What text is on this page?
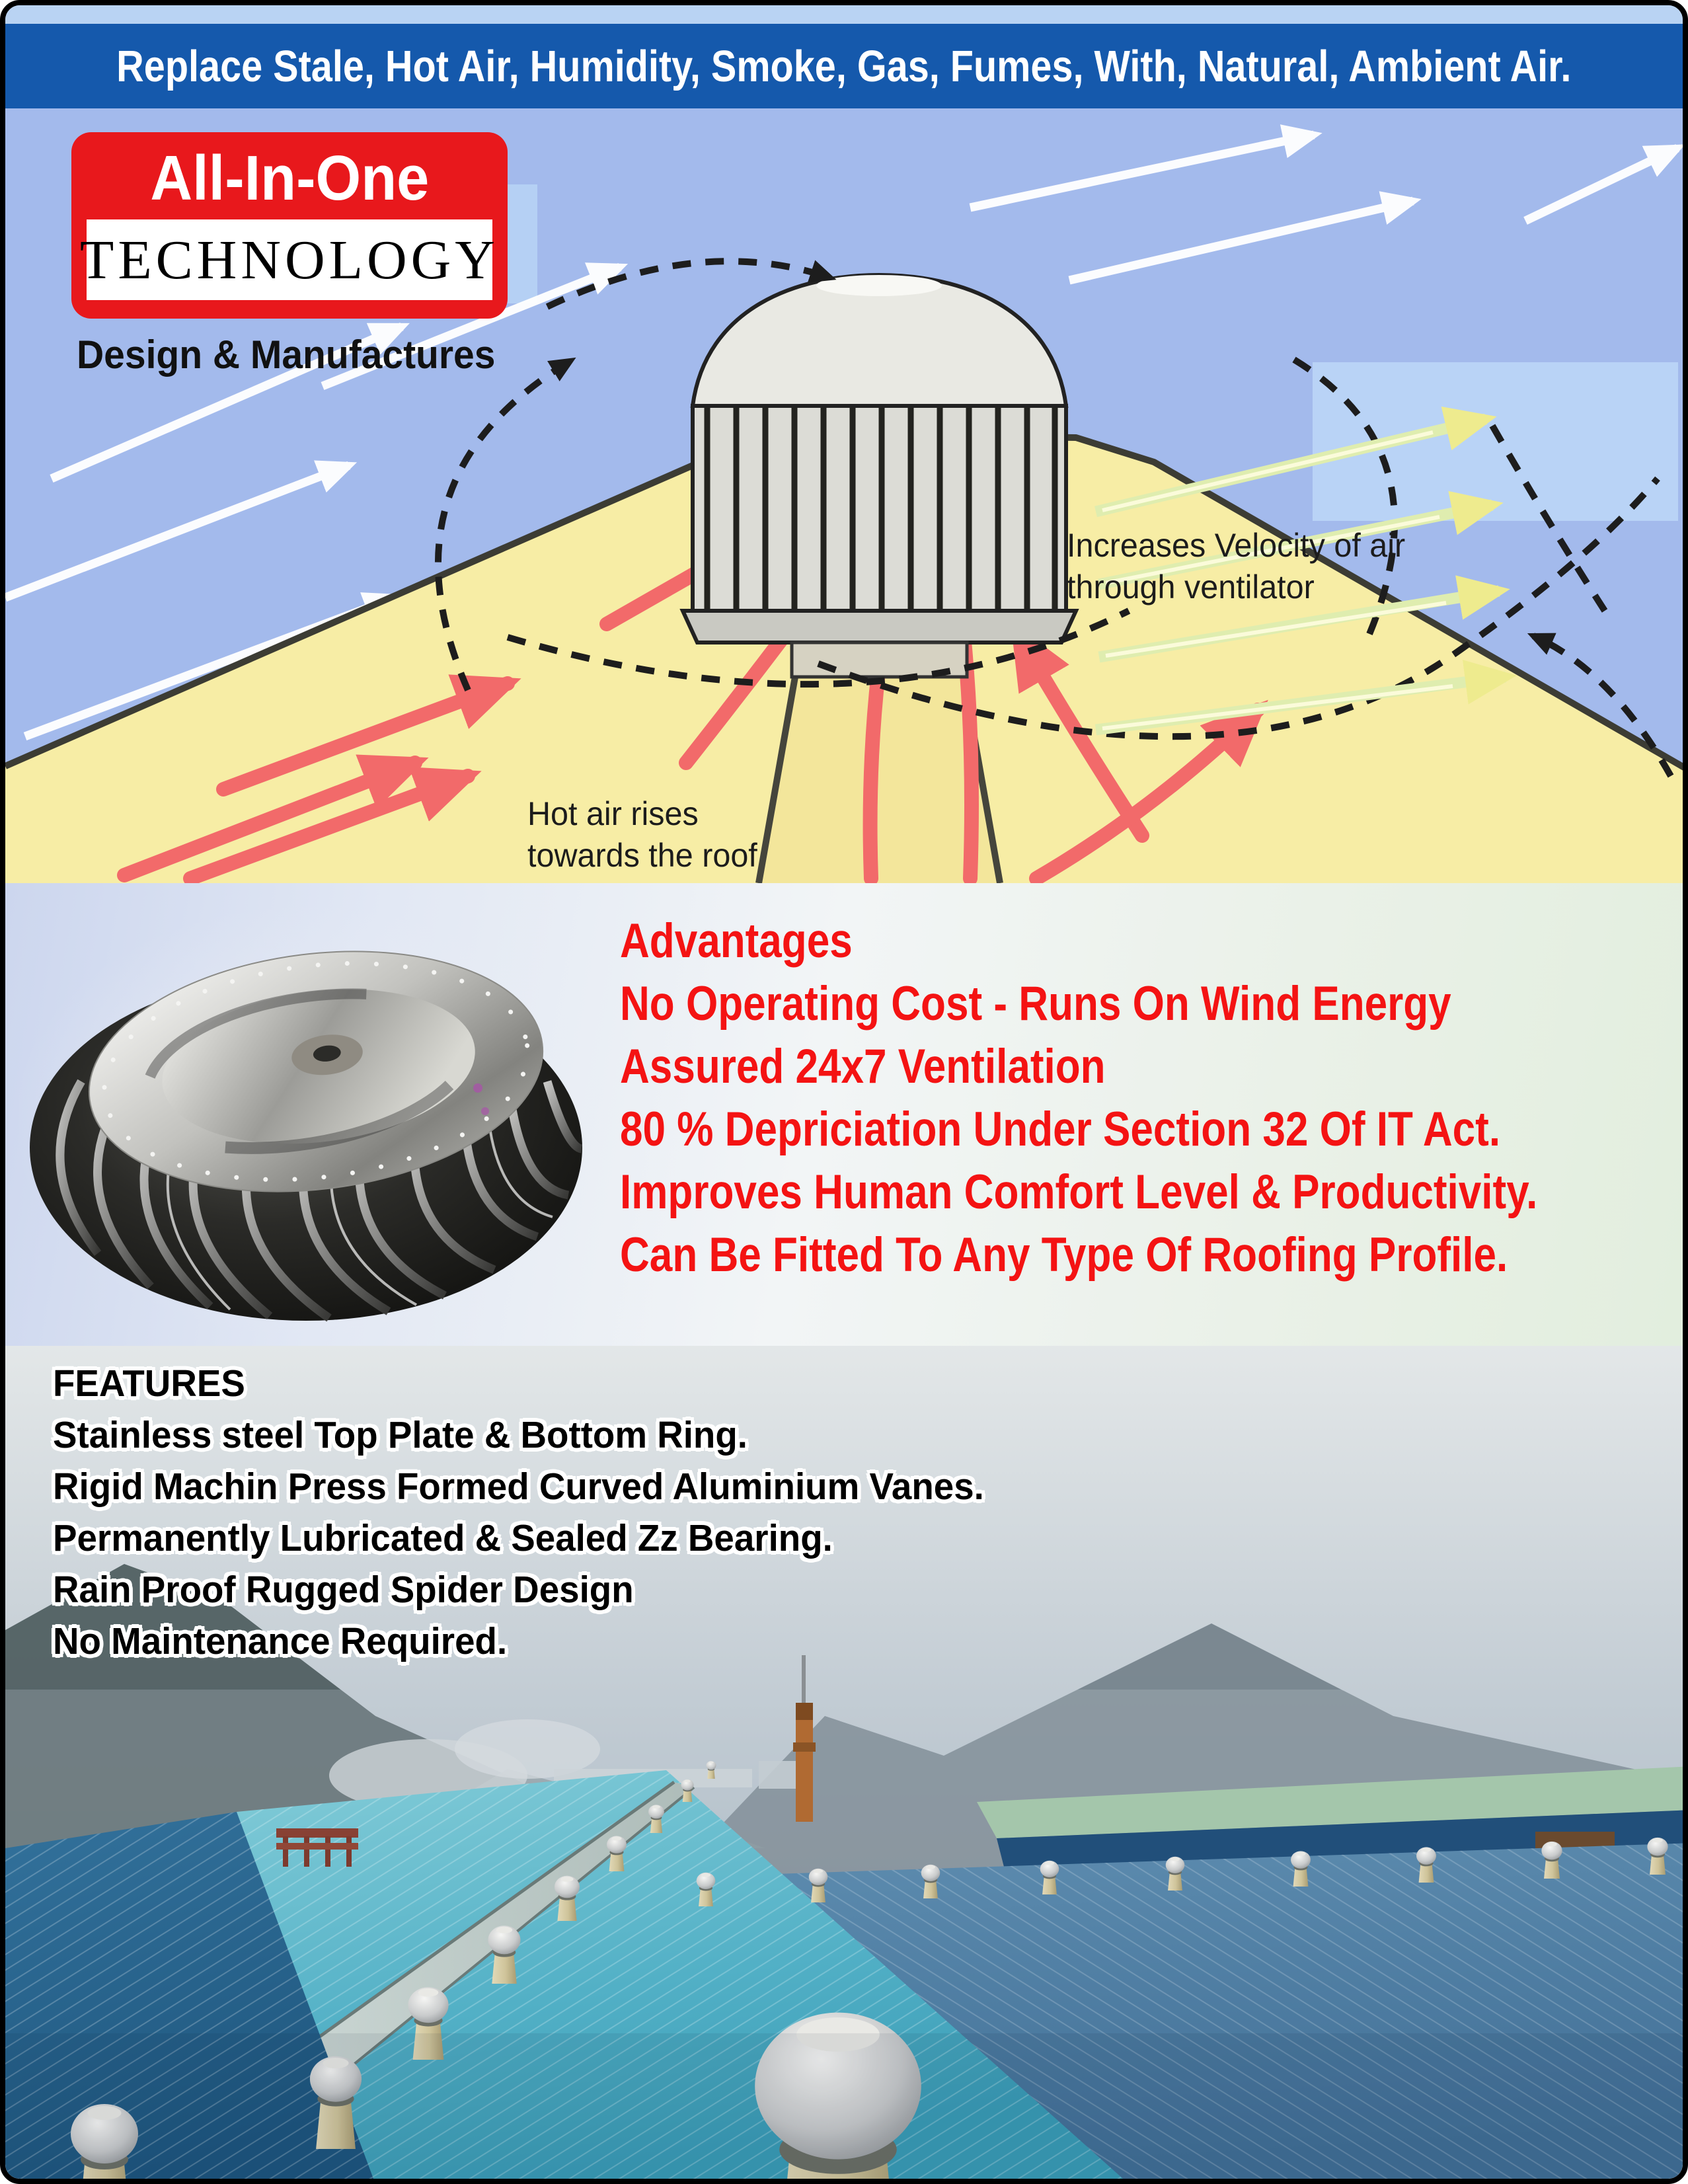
Replace Stale, Hot Air, Humidity, Smoke, Gas, Fumes, With, Natural, Ambient Air.
All-In-One
TECHNOLOGY
Design & Manufactures
Increases Velocity of air
through ventilator
Hot air rises
towards the roof
Advantages
No Operating Cost - Runs On Wind Energy
Assured 24x7 Ventilation
80 % Depriciation Under Section 32 Of IT Act.
Improves Human Comfort Level & Productivity.
Can Be Fitted To Any Type Of Roofing Profile.
FEATURES
Stainless steel Top Plate & Bottom Ring.
Rigid Machin Press Formed Curved Aluminium Vanes.
Permanently Lubricated & Sealed Zz Bearing.
Rain Proof Rugged Spider Design
No Maintenance Required.
